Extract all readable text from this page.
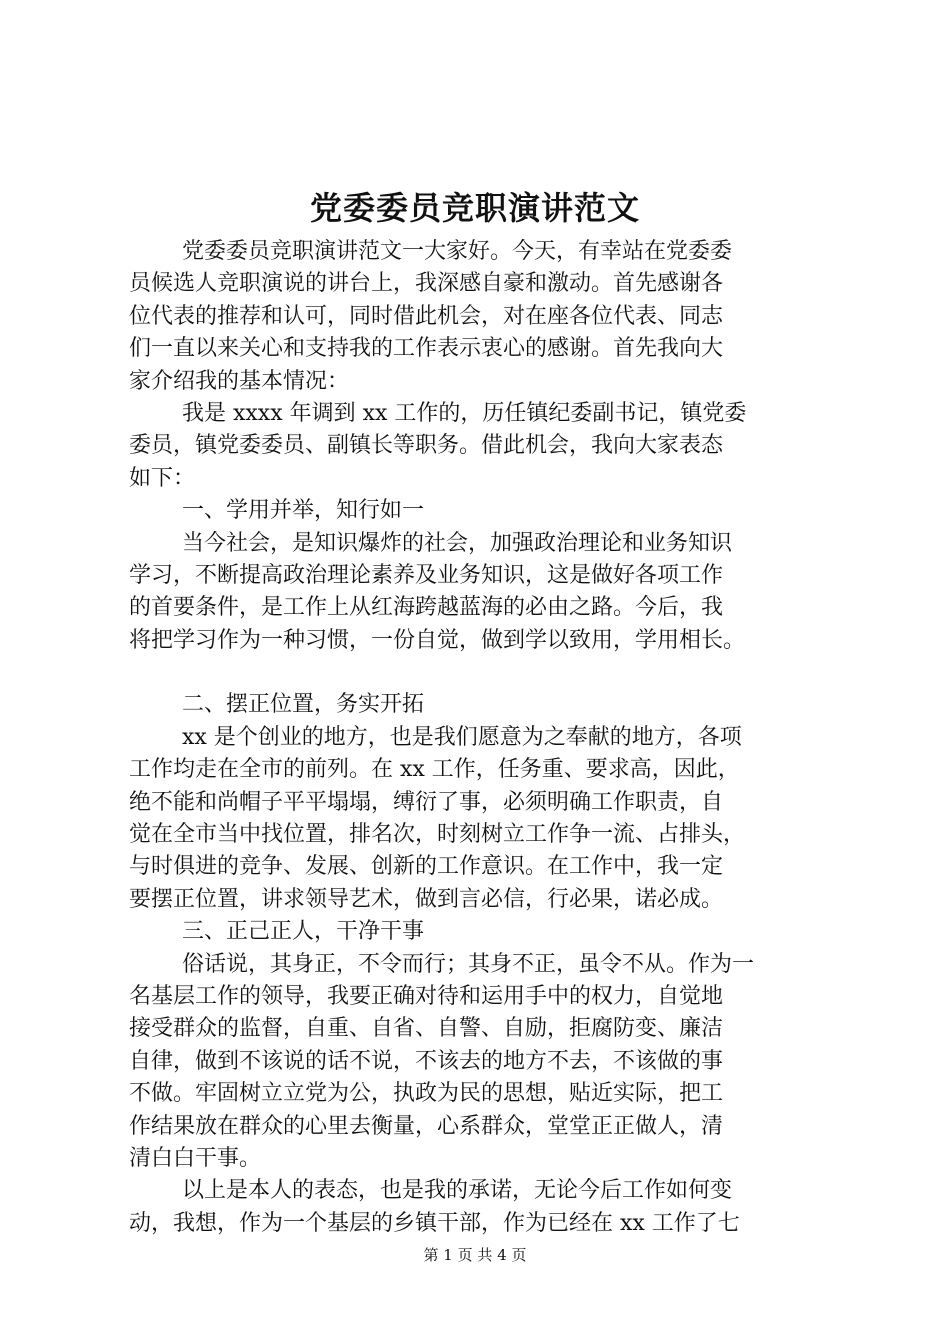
党委委员竞职演讲范文
党委委员竞职演讲范文一大家好。今天，有幸站在党委委
员候选人竞职演说的讲台上，我深感自豪和激动。首先感谢各
位代表的推荐和认可，同时借此机会，对在座各位代表、同志
们一直以来关心和支持我的工作表示衷心的感谢。首先我向大
家介绍我的基本情况：
我是 xxxx 年调到 xx 工作的，历任镇纪委副书记，镇党委
委员，镇党委委员、副镇长等职务。借此机会，我向大家表态
如下：
一、学用并举，知行如一
当今社会，是知识爆炸的社会，加强政治理论和业务知识
学习，不断提高政治理论素养及业务知识，这是做好各项工作
的首要条件，是工作上从红海跨越蓝海的必由之路。今后，我
将把学习作为一种习惯，一份自觉，做到学以致用，学用相长。
二、摆正位置，务实开拓
xx 是个创业的地方，也是我们愿意为之奉献的地方，各项
工作均走在全市的前列。在 xx 工作，任务重、要求高，因此，
绝不能和尚帽子平平塌塌，缚衍了事，必须明确工作职责，自
觉在全市当中找位置，排名次，时刻树立工作争一流、占排头，
与时俱进的竞争、发展、创新的工作意识。在工作中，我一定
要摆正位置，讲求领导艺术，做到言必信，行必果，诺必成。
三、正己正人，干净干事
俗话说，其身正，不令而行；其身不正，虽令不从。作为一
名基层工作的领导，我要正确对待和运用手中的权力，自觉地
接受群众的监督，自重、自省、自警、自励，拒腐防变、廉洁
自律，做到不该说的话不说，不该去的地方不去，不该做的事
不做。牢固树立立党为公，执政为民的思想，贴近实际，把工
作结果放在群众的心里去衡量，心系群众，堂堂正正做人，清
清白白干事。
以上是本人的表态，也是我的承诺，无论今后工作如何变
动，我想，作为一个基层的乡镇干部，作为已经在 xx 工作了七
第 1 页 共 4 页
